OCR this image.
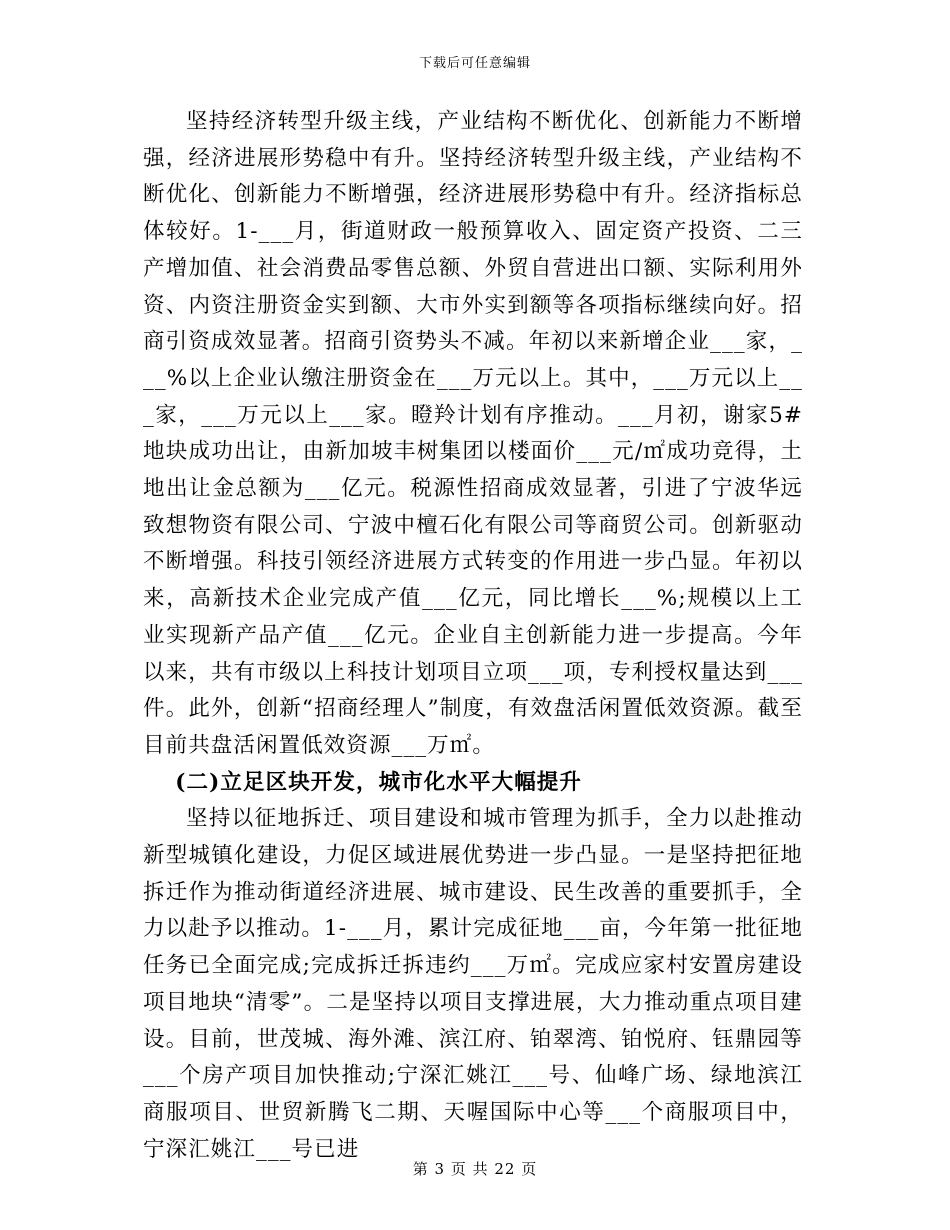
下载后可任意编辑

坚持经济转型升级主线，产业结构不断优化、创新能力不断增强，经济进展形势稳中有升。坚持经济转型升级主线，产业结构不断优化、创新能力不断增强，经济进展形势稳中有升。经济指标总体较好。1-___月，街道财政一般预算收入、固定资产投资、二三产增加值、社会消费品零售总额、外贸自营进出口额、实际利用外资、内资注册资金实到额、大市外实到额等各项指标继续向好。招商引资成效显著。招商引资势头不减。年初以来新增企业___家，___%以上企业认缴注册资金在___万元以上。其中，___万元以上___家，___万元以上___家。瞪羚计划有序推动。___月初，谢家5#地块成功出让，由新加坡丰树集团以楼面价___元/㎡成功竞得，土地出让金总额为___亿元。税源性招商成效显著，引进了宁波华远致想物资有限公司、宁波中檀石化有限公司等商贸公司。创新驱动不断增强。科技引领经济进展方式转变的作用进一步凸显。年初以来，高新技术企业完成产值___亿元，同比增长___%;规模以上工业实现新产品产值___亿元。企业自主创新能力进一步提高。今年以来，共有市级以上科技计划项目立项___项，专利授权量达到___件。此外，创新“招商经理人”制度，有效盘活闲置低效资源。截至目前共盘活闲置低效资源___万㎡。

(二)立足区块开发，城市化水平大幅提升

坚持以征地拆迁、项目建设和城市管理为抓手，全力以赴推动新型城镇化建设，力促区域进展优势进一步凸显。一是坚持把征地拆迁作为推动街道经济进展、城市建设、民生改善的重要抓手，全力以赴予以推动。1-___月，累计完成征地___亩，今年第一批征地任务已全面完成;完成拆迁拆违约___万㎡。完成应家村安置房建设项目地块“清零”。二是坚持以项目支撑进展，大力推动重点项目建设。目前，世茂城、海外滩、滨江府、铂翠湾、铂悦府、钰鼎园等___个房产项目加快推动;宁深汇姚江___号、仙峰广场、绿地滨江商服项目、世贸新腾飞二期、天喔国际中心等___个商服项目中，宁深汇姚江___号已进

第 3 页 共 22 页
